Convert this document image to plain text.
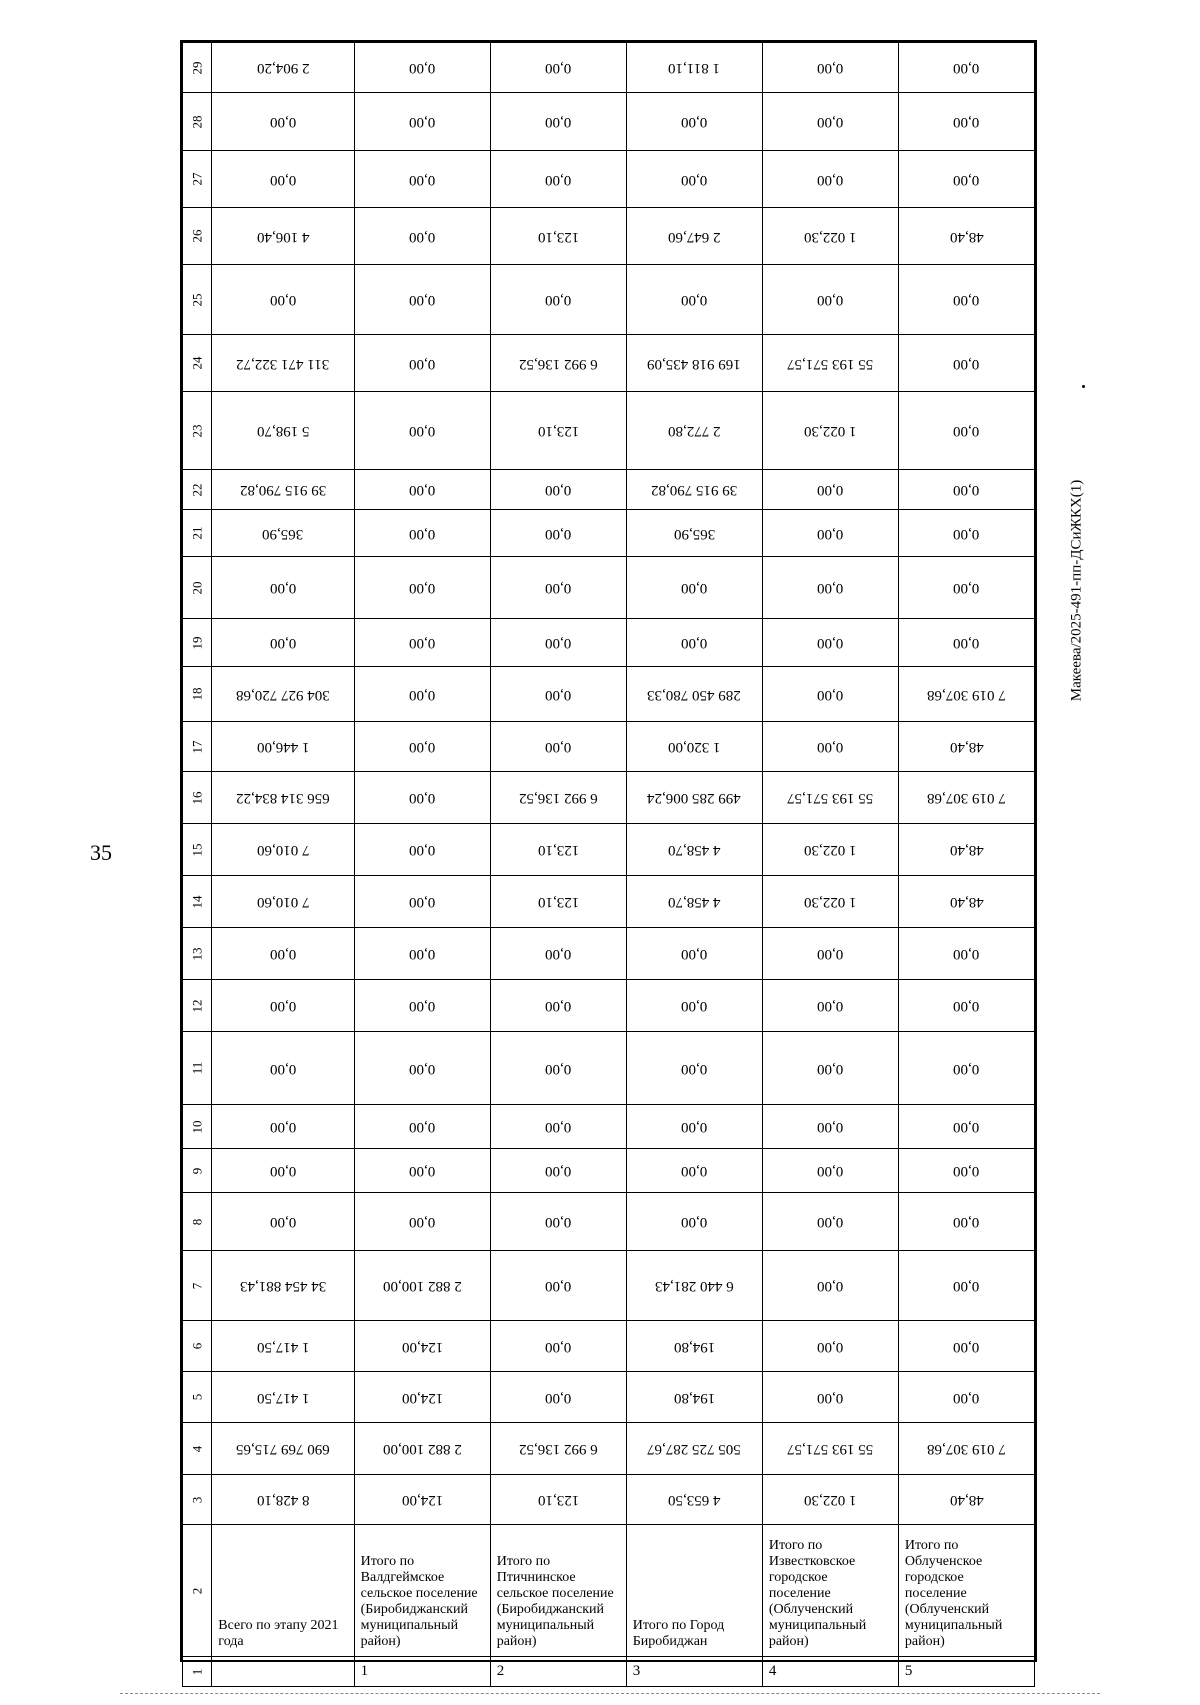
35
Макеева/2025-491-пп-ДСиЖКХ(1)
29	2 904,20	0,00	0,00	1 811,10	0,00	0,00

28	0,00	0,00	0,00	0,00	0,00	0,00

27	0,00	0,00	0,00	0,00	0,00	0,00

26	4 106,40	0,00	123,10	2 647,60	1 022,30	48,40

25	0,00	0,00	0,00	0,00	0,00	0,00

24	311 471 322,72	0,00	6 992 136,52	169 918 435,09	55 193 571,57	0,00

23	5 198,70	0,00	123,10	2 772,80	1 022,30	0,00

22	39 915 790,82	0,00	0,00	39 915 790,82	0,00	0,00

21	365,90	0,00	0,00	365,90	0,00	0,00

20	0,00	0,00	0,00	0,00	0,00	0,00

19	0,00	0,00	0,00	0,00	0,00	0,00

18	304 927 720,68	0,00	0,00	289 450 780,33	0,00	7 019 307,68

17	1 446,00	0,00	0,00	1 320,00	0,00	48,40

16	656 314 834,22	0,00	6 992 136,52	499 285 006,24	55 193 571,57	7 019 307,68

15	7 010,60	0,00	123,10	4 458,70	1 022,30	48,40

14	7 010,60	0,00	123,10	4 458,70	1 022,30	48,40

13	0,00	0,00	0,00	0,00	0,00	0,00

12	0,00	0,00	0,00	0,00	0,00	0,00

11	0,00	0,00	0,00	0,00	0,00	0,00

10	0,00	0,00	0,00	0,00	0,00	0,00

9	0,00	0,00	0,00	0,00	0,00	0,00

8	0,00	0,00	0,00	0,00	0,00	0,00

7	34 454 881,43	2 882 100,00	0,00	6 440 281,43	0,00	0,00

6	1 417,50	124,00	0,00	194,80	0,00	0,00

5	1 417,50	124,00	0,00	194,80	0,00	0,00

4	690 769 715,65	2 882 100,00	6 992 136,52	505 725 287,67	55 193 571,57	7 019 307,68

3	8 428,10	124,00	123,10	4 653,50	1 022,30	48,40

2	Всего по этапу 2021 года	Итого по Валдгеймское сельское поселение (Биробиджанский муниципальный район)	Итого по Птичнинское сельское поселение (Биробиджанский муниципальный район)	Итого по Город Биробиджан	Итого по Известковское городское поселение (Облученский муниципальный район)	Итого по Облученское городское поселение (Облученский муниципальный район)

1		1	2	3	4	5
